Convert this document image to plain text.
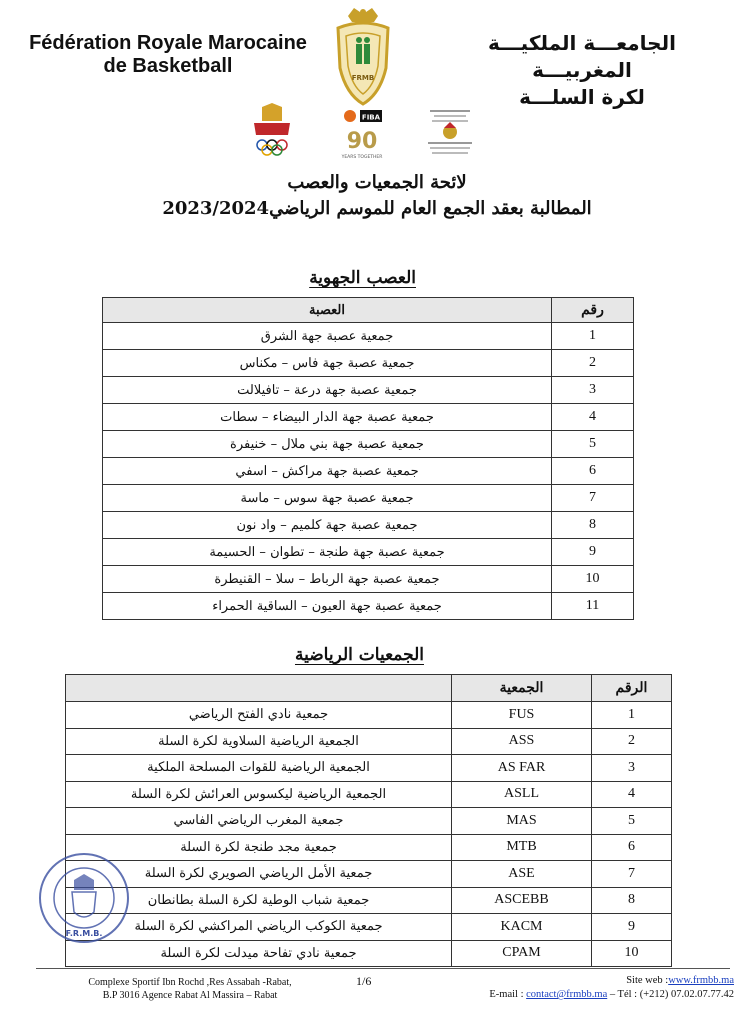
Fédération Royale Marocaine
de Basketball
الجامعـــة الملكيـــة المغربيـــة
لكرة السلـــة
FRMB
FIBA
90
YEARS TOGETHER
لائحة الجمعيات والعصب
المطالبة بعقد الجمع العام للموسم الرياضي2023/2024
العصب الجهوية
رقم	العصبة
1	جمعية عصبة جهة الشرق
2	جمعية عصبة جهة فاس – مكناس
3	جمعية عصبة جهة درعة – تافيلالت
4	جمعية عصبة جهة الدار البيضاء – سطات
5	جمعية عصبة جهة بني ملال – خنيفرة
6	جمعية عصبة جهة مراكش – اسفي
7	جمعية عصبة جهة سوس – ماسة
8	جمعية عصبة جهة كلميم – واد نون
9	جمعية عصبة جهة طنجة – تطوان – الحسيمة
10	جمعية عصبة جهة الرباط – سلا – القنيطرة
11	جمعية عصبة جهة العيون – الساقية الحمراء
الجمعيات الرياضية
الرقم	الجمعية	
1	FUS	جمعية نادي الفتح الرياضي
2	ASS	الجمعية الرياضية السلاوية لكرة السلة
3	AS FAR	الجمعية الرياضية للقوات المسلحة الملكية
4	ASLL	الجمعية الرياضية ليكسوس العرائش لكرة السلة
5	MAS	جمعية المغرب الرياضي الفاسي
6	MTB	جمعية مجد طنجة لكرة السلة
7	ASE	جمعية الأمل الرياضي الصويري لكرة السلة
8	ASCEBB	جمعية شباب الوطية لكرة السلة بطانطان
9	KACM	جمعية الكوكب الرياضي المراكشي لكرة السلة
10	CPAM	جمعية نادي تفاحة ميدلت لكرة السلة
F.R.M.B.
Complexe Sportif Ibn Rochd ,Res Assabah -Rabat,
B.P 3016 Agence Rabat Al Massira – Rabat
1/6	Site web :www.frmbb.ma
E-mail : contact@frmbb.ma – Tél : (+212) 07.02.07.77.42
